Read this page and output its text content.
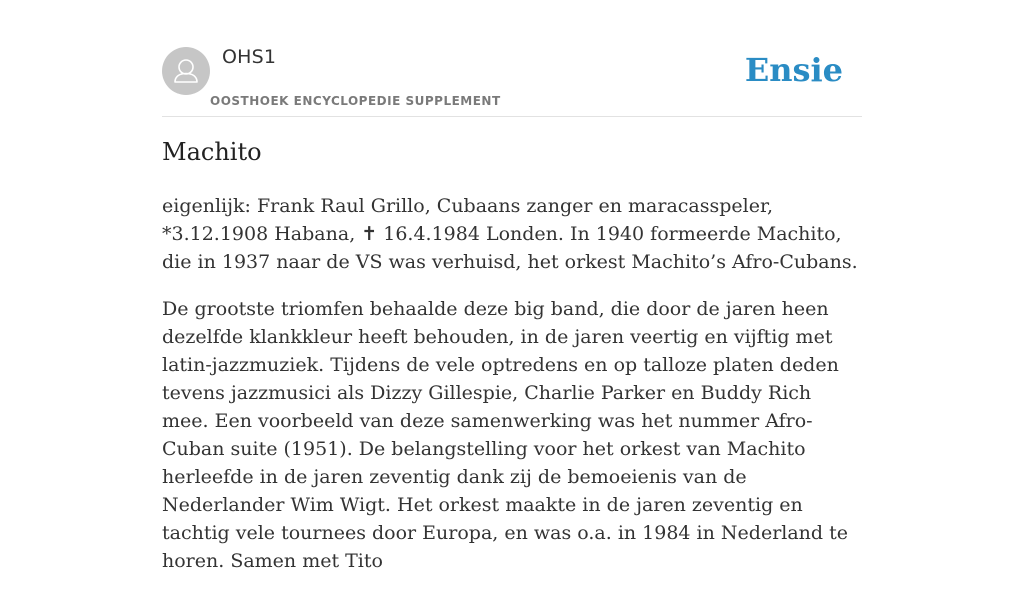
OHS1
OOSTHOEK ENCYCLOPEDIE SUPPLEMENT
Ensie
Machito

eigenlijk: Frank Raul Grillo, Cubaans zanger en maracasspeler, *3.12.1908 Habana, ✝ 16.4.1984 Londen. In 1940 formeerde Machito, die in 1937 naar de VS was verhuisd, het orkest Machito’s Afro-Cubans.

De grootste triomfen behaalde deze big band, die door de jaren heen dezelfde klankkleur heeft behouden, in de jaren veertig en vijftig met latin-jazzmuziek. Tijdens de vele optredens en op talloze platen deden tevens jazzmusici als Dizzy Gillespie, Charlie Parker en Buddy Rich mee. Een voorbeeld van deze samenwerking was het nummer Afro-Cuban suite (1951). De belangstelling voor het orkest van Machito herleefde in de jaren zeventig dank zij de bemoeienis van de Nederlander Wim Wigt. Het orkest maakte in de jaren zeventig en tachtig vele tournees door Europa, en was o.a. in 1984 in Nederland te horen. Samen met Tito
